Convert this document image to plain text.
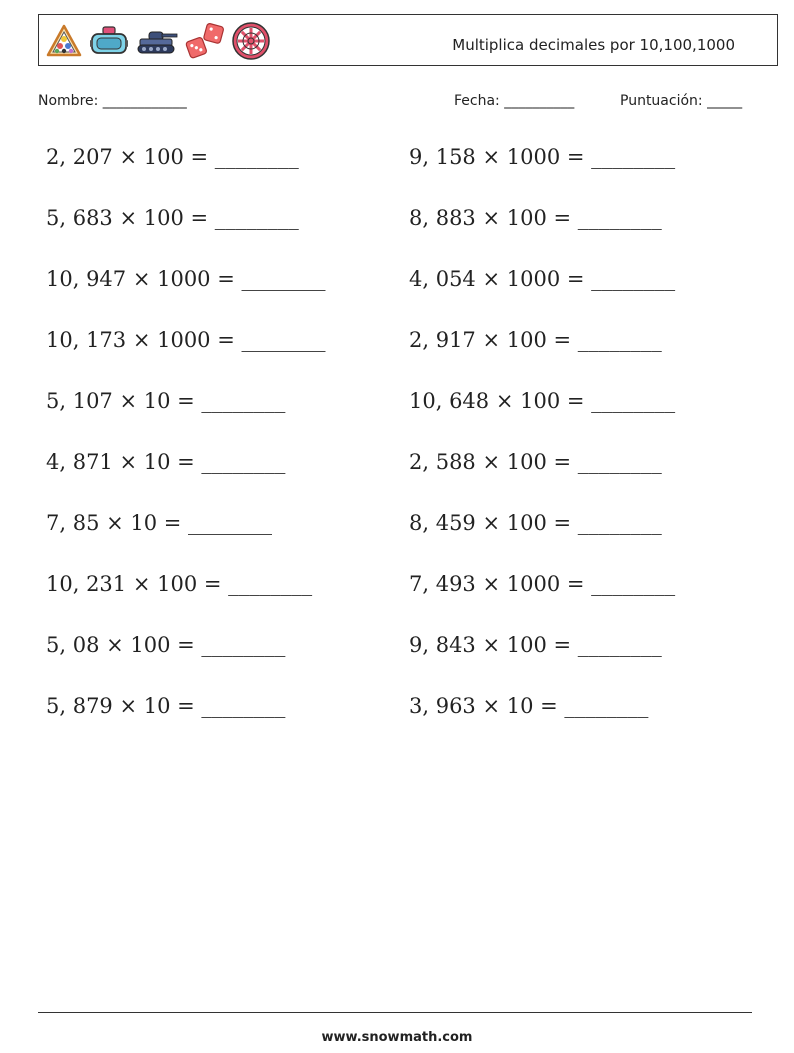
Multiplica decimales por 10,100,1000
Nombre: ____________	Fecha: __________	Puntuación: _____
2, 207 × 100 = ________	9, 158 × 1000 = ________
5, 683 × 100 = ________	8, 883 × 100 = ________
10, 947 × 1000 = ________	4, 054 × 1000 = ________
10, 173 × 1000 = ________	2, 917 × 100 = ________
5, 107 × 10 = ________	10, 648 × 100 = ________
4, 871 × 10 = ________	2, 588 × 100 = ________
7, 85 × 10 = ________	8, 459 × 100 = ________
10, 231 × 100 = ________	7, 493 × 1000 = ________
5, 08 × 100 = ________	9, 843 × 100 = ________
5, 879 × 10 = ________	3, 963 × 10 = ________
www.snowmath.com
